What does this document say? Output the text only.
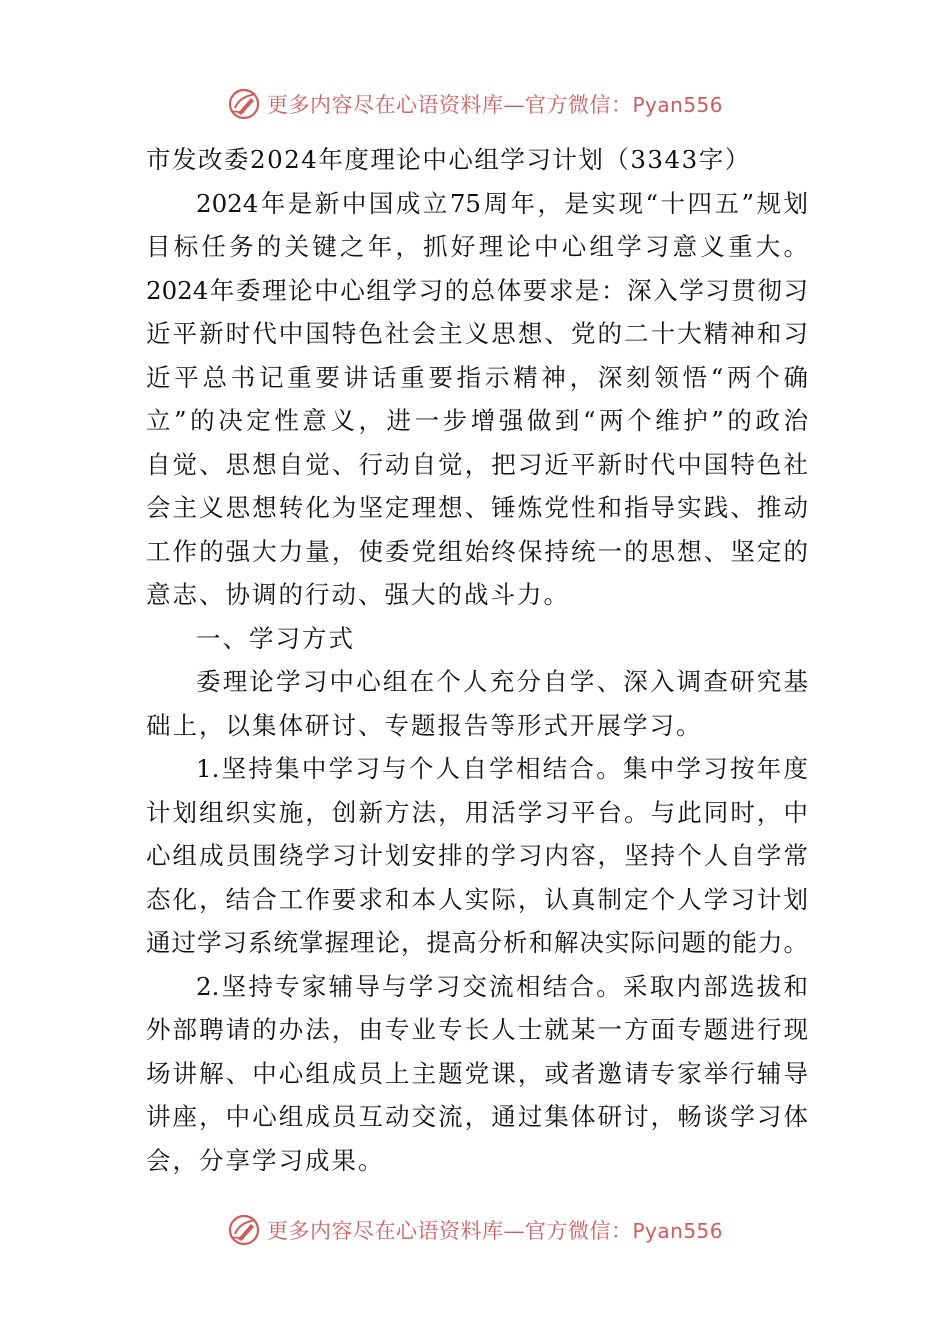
更多内容尽在心语资料库—官方微信：Pyan556
市发改委2024年度理论中心组学习计划（3343字）
2024年是新中国成立75周年，是实现“十四五”规划
目标任务的关键之年，抓好理论中心组学习意义重大。
2024年委理论中心组学习的总体要求是：深入学习贯彻习
近平新时代中国特色社会主义思想、党的二十大精神和习
近平总书记重要讲话重要指示精神，深刻领悟“两个确
立”的决定性意义，进一步增强做到“两个维护”的政治
自觉、思想自觉、行动自觉，把习近平新时代中国特色社
会主义思想转化为坚定理想、锤炼党性和指导实践、推动
工作的强大力量，使委党组始终保持统一的思想、坚定的
意志、协调的行动、强大的战斗力。
一、学习方式
委理论学习中心组在个人充分自学、深入调查研究基
础上，以集体研讨、专题报告等形式开展学习。
1.坚持集中学习与个人自学相结合。集中学习按年度
计划组织实施，创新方法，用活学习平台。与此同时，中
心组成员围绕学习计划安排的学习内容，坚持个人自学常
态化，结合工作要求和本人实际，认真制定个人学习计划
通过学习系统掌握理论，提高分析和解决实际问题的能力。
2.坚持专家辅导与学习交流相结合。采取内部选拔和
外部聘请的办法，由专业专长人士就某一方面专题进行现
场讲解、中心组成员上主题党课，或者邀请专家举行辅导
讲座，中心组成员互动交流，通过集体研讨，畅谈学习体
会，分享学习成果。
更多内容尽在心语资料库—官方微信：Pyan556
